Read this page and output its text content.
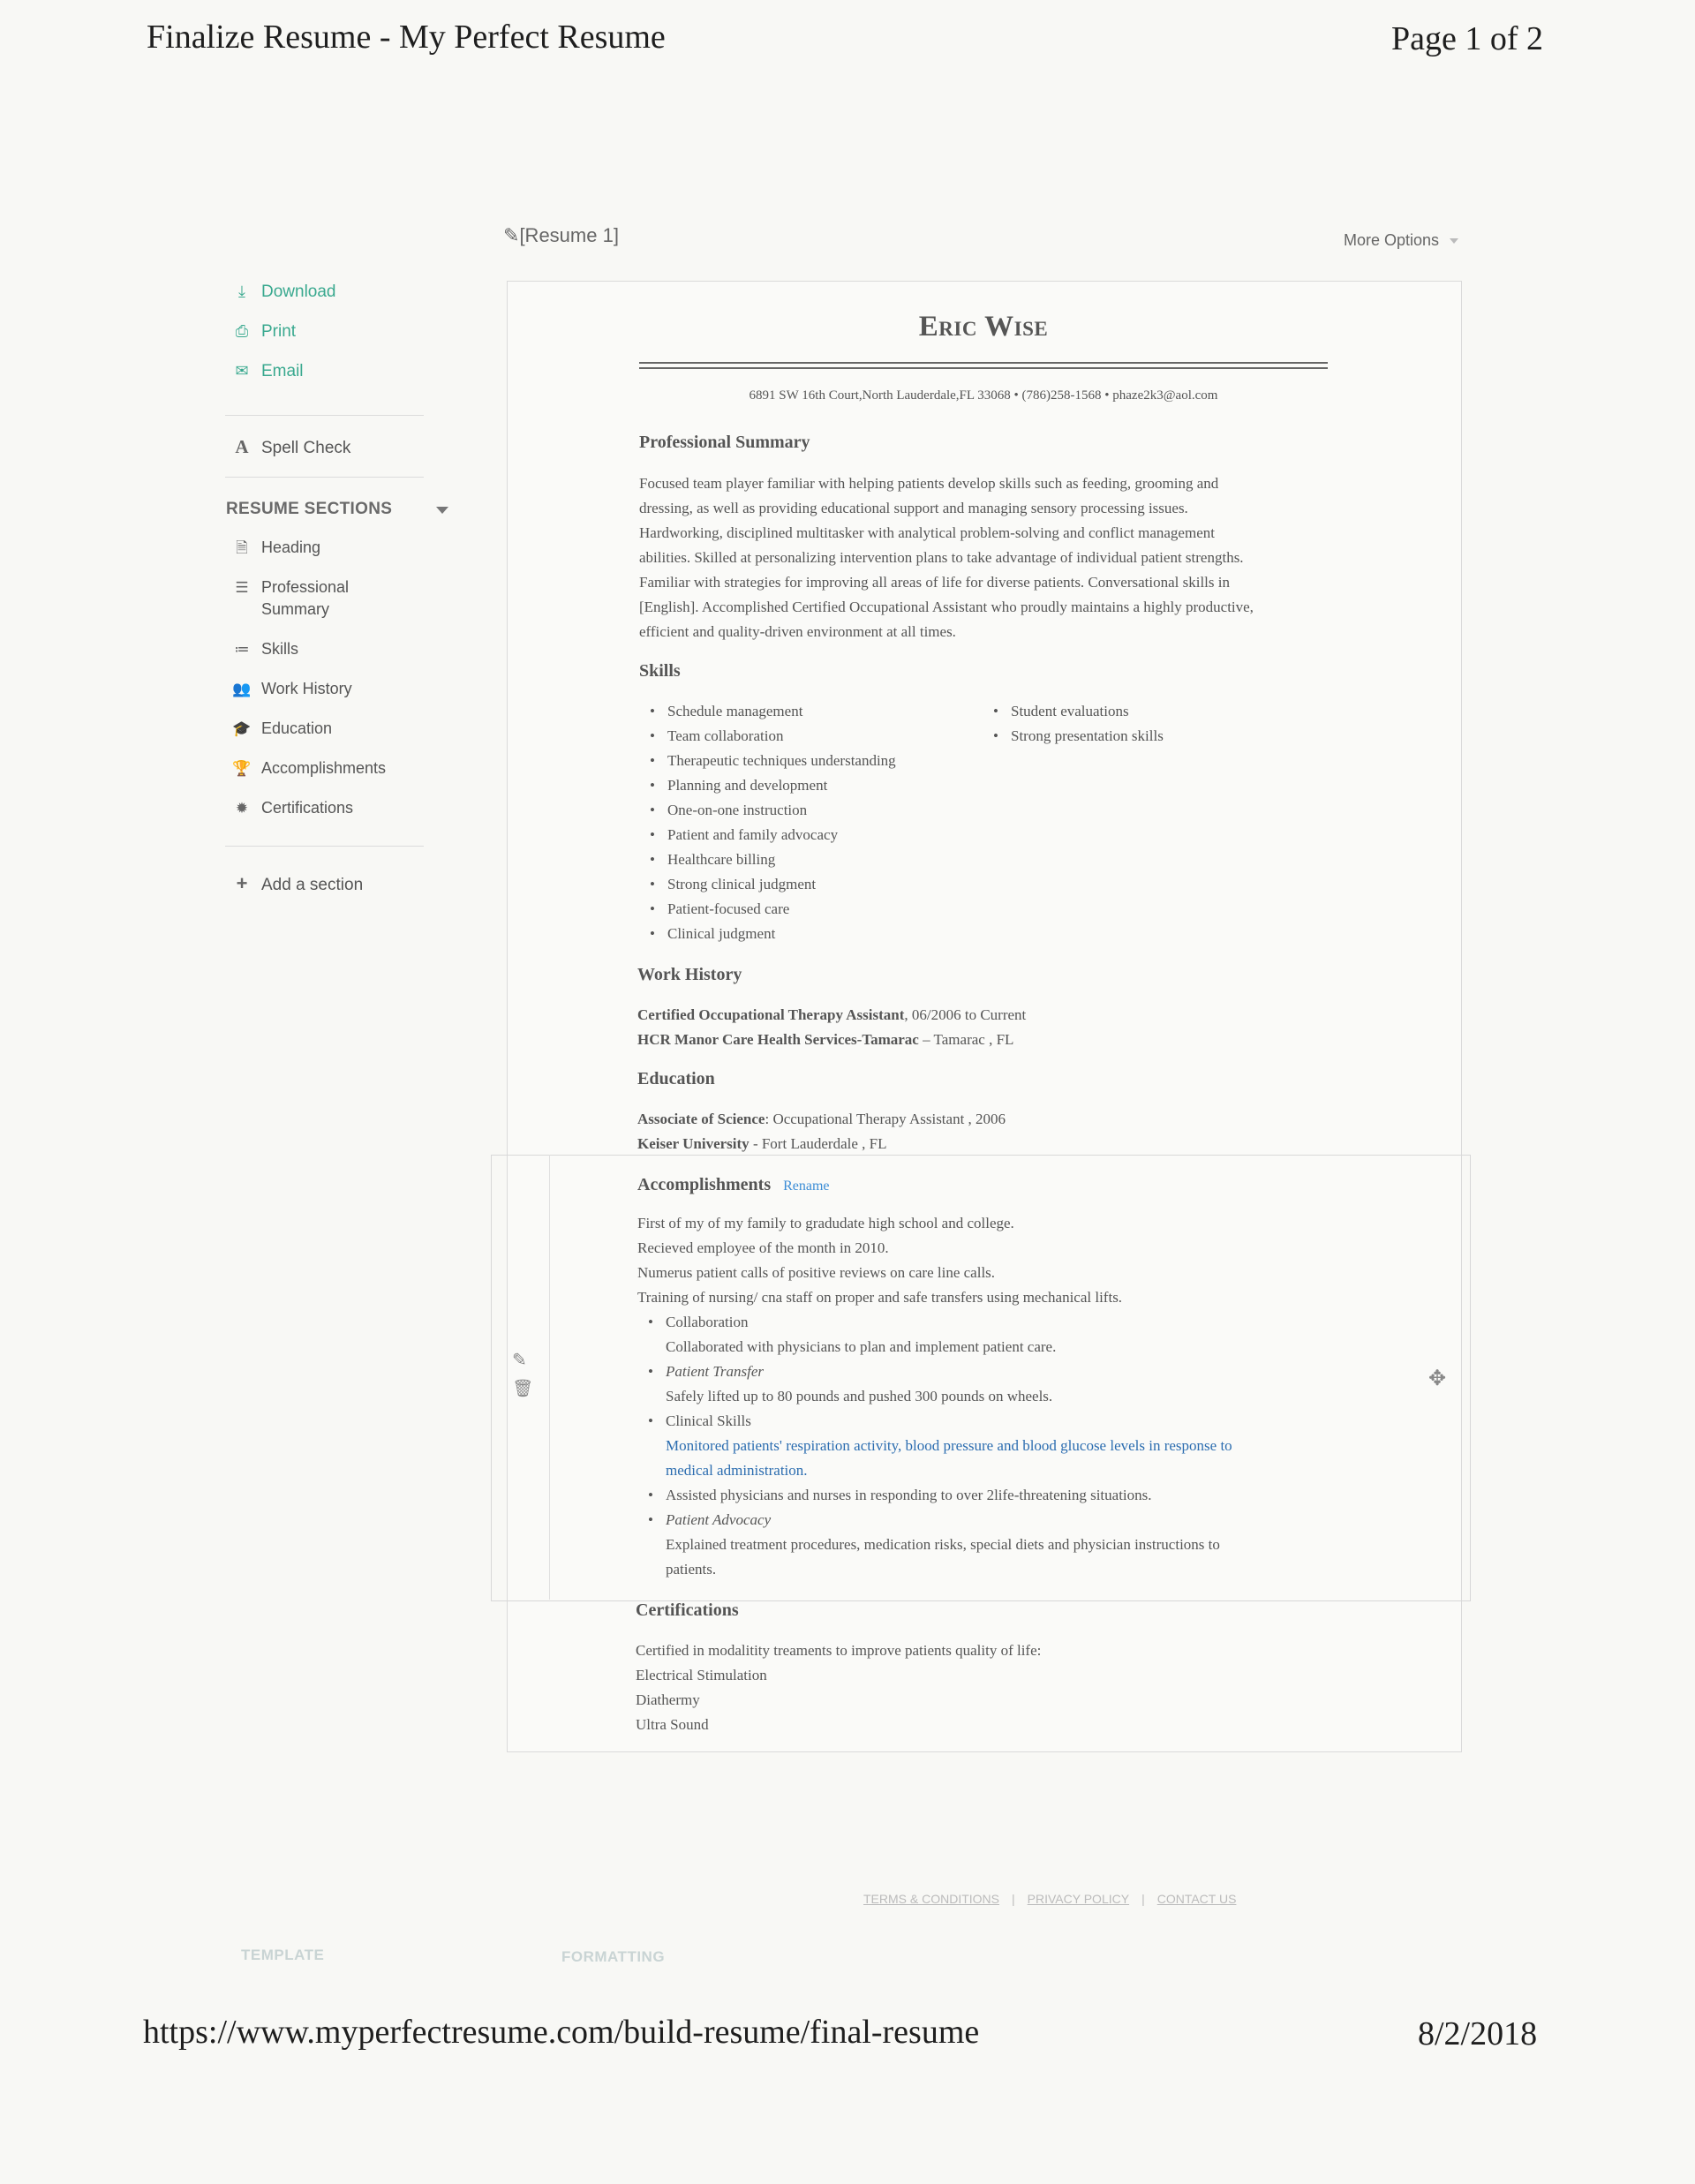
Finalize Resume - My Perfect Resume	Page 1 of 2
https://www.myperfectresume.com/build-resume/final-resume	8/2/2018
⤓ Download
⎙ Print
✉ Email
A Spell Check
RESUME SECTIONS
🗎 Heading
☰ Professional Summary
≔ Skills
👥 Work History
🎓 Education
🏆 Accomplishments
✹ Certifications
+ Add a section
✎[Resume 1]	More Options
Eric Wise
6891 SW 16th Court,North Lauderdale,FL 33068 • (786)258-1568 • phaze2k3@aol.com
Professional Summary
Focused team player familiar with helping patients develop skills such as feeding, grooming and
dressing, as well as providing educational support and managing sensory processing issues.
Hardworking, disciplined multitasker with analytical problem-solving and conflict management
abilities. Skilled at personalizing intervention plans to take advantage of individual patient strengths.
Familiar with strategies for improving all areas of life for diverse patients. Conversational skills in
[English]. Accomplished Certified Occupational Assistant who proudly maintains a highly productive,
efficient and quality-driven environment at all times.
Skills
• Schedule management
• Team collaboration
• Therapeutic techniques understanding
• Planning and development
• One-on-one instruction
• Patient and family advocacy
• Healthcare billing
• Strong clinical judgment
• Patient-focused care
• Clinical judgment
• Student evaluations
• Strong presentation skills
Work History
Certified Occupational Therapy Assistant, 06/2006 to Current
HCR Manor Care Health Services-Tamarac – Tamarac , FL
Education
Associate of Science: Occupational Therapy Assistant , 2006
Keiser University - Fort Lauderdale , FL
✎
🗑	✥
Accomplishments Rename
First of my of my family to gradudate high school and college.
Recieved employee of the month in 2010.
Numerus patient calls of positive reviews on care line calls.
Training of nursing/ cna staff on proper and safe transfers using mechanical lifts.
• Collaboration
Collaborated with physicians to plan and implement patient care.
• Patient Transfer
Safely lifted up to 80 pounds and pushed 300 pounds on wheels.
• Clinical Skills
Monitored patients' respiration activity, blood pressure and blood glucose levels in response to
medical administration.
• Assisted physicians and nurses in responding to over 2life-threatening situations.
• Patient Advocacy
Explained treatment procedures, medication risks, special diets and physician instructions to
patients.
Certifications
Certified in modalitity treaments to improve patients quality of life:
Electrical Stimulation
Diathermy
Ultra Sound
TERMS & CONDITIONS | PRIVACY POLICY | CONTACT US
TEMPLATE	FORMATTING
